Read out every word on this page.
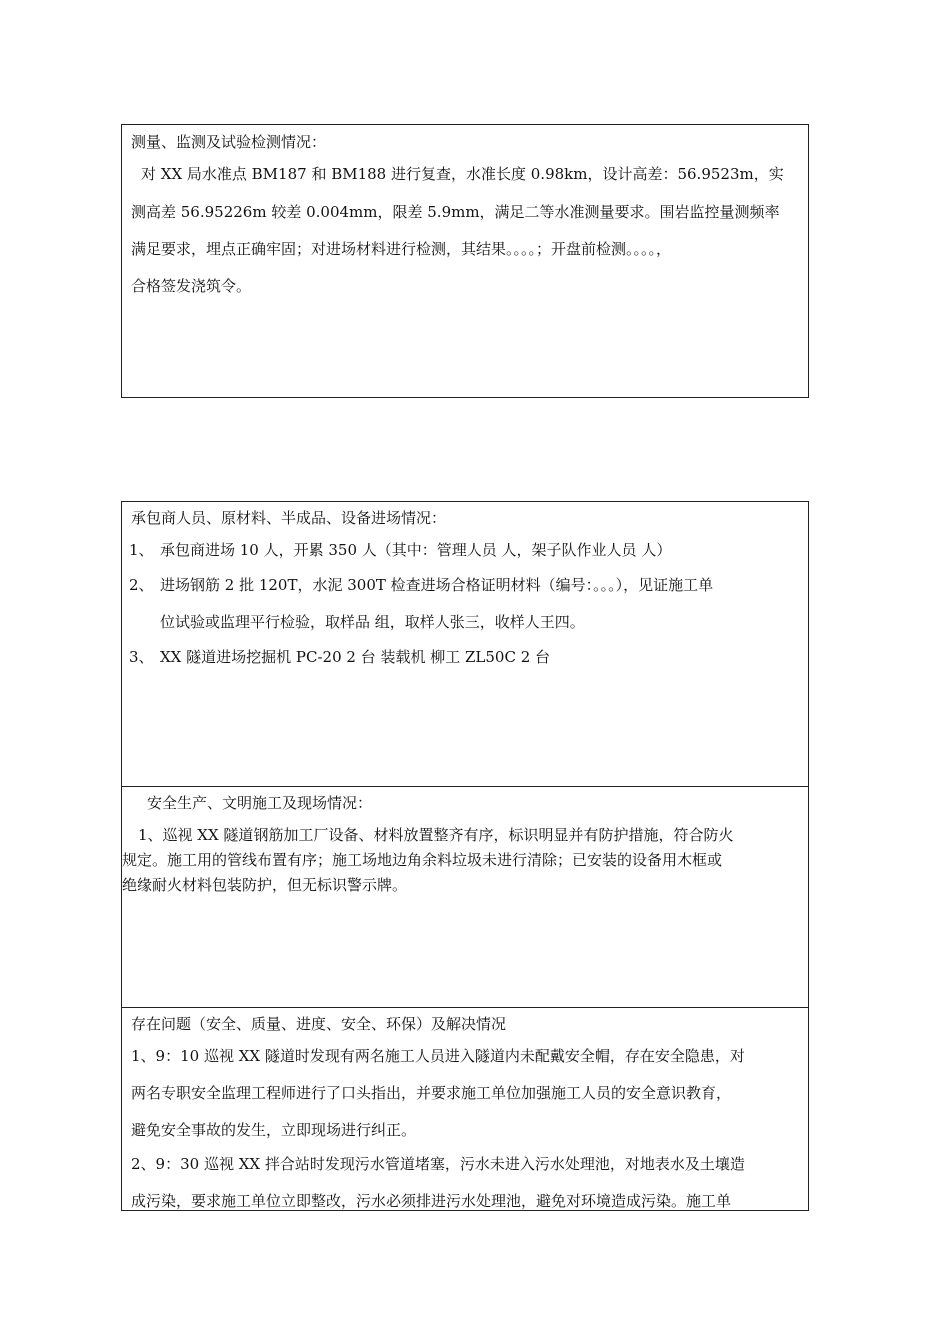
测量、监测及试验检测情况：
对 XX 局水准点 BM187 和 BM188 进行复查，水准长度 0.98km，设计高差：56.9523m，实
测高差 56.95226m 较差 0.004mm，限差 5.9mm，满足二等水准测量要求。围岩监控量测频率
满足要求，埋点正确牢固；对进场材料进行检测，其结果。。。。；开盘前检测。。。。，
合格签发浇筑令。
承包商人员、原材料、半成品、设备进场情况：
1、 承包商进场 10 人，开累 350 人（其中：管理人员 人，架子队作业人员 人）
2、 进场钢筋 2 批 120T，水泥 300T 检查进场合格证明材料（编号：。。。），见证施工单
位试验或监理平行检验，取样品 组，取样人张三，收样人王四。
3、 XX 隧道进场挖掘机 PC-20 2 台 装载机 柳工 ZL50C 2 台
安全生产、文明施工及现场情况：
1、巡视 XX 隧道钢筋加工厂设备、材料放置整齐有序，标识明显并有防护措施，符合防火
规定。施工用的管线布置有序；施工场地边角余料垃圾未进行清除；已安装的设备用木框或
绝缘耐火材料包装防护，但无标识警示牌。
存在问题（安全、质量、进度、安全、环保）及解决情况
1、9：10 巡视 XX 隧道时发现有两名施工人员进入隧道内未配戴安全帽，存在安全隐患，对
两名专职安全监理工程师进行了口头指出，并要求施工单位加强施工人员的安全意识教育，
避免安全事故的发生，立即现场进行纠正。
2、9：30 巡视 XX 拌合站时发现污水管道堵塞，污水未进入污水处理池，对地表水及土壤造
成污染，要求施工单位立即整改，污水必须排进污水处理池，避免对环境造成污染。施工单
